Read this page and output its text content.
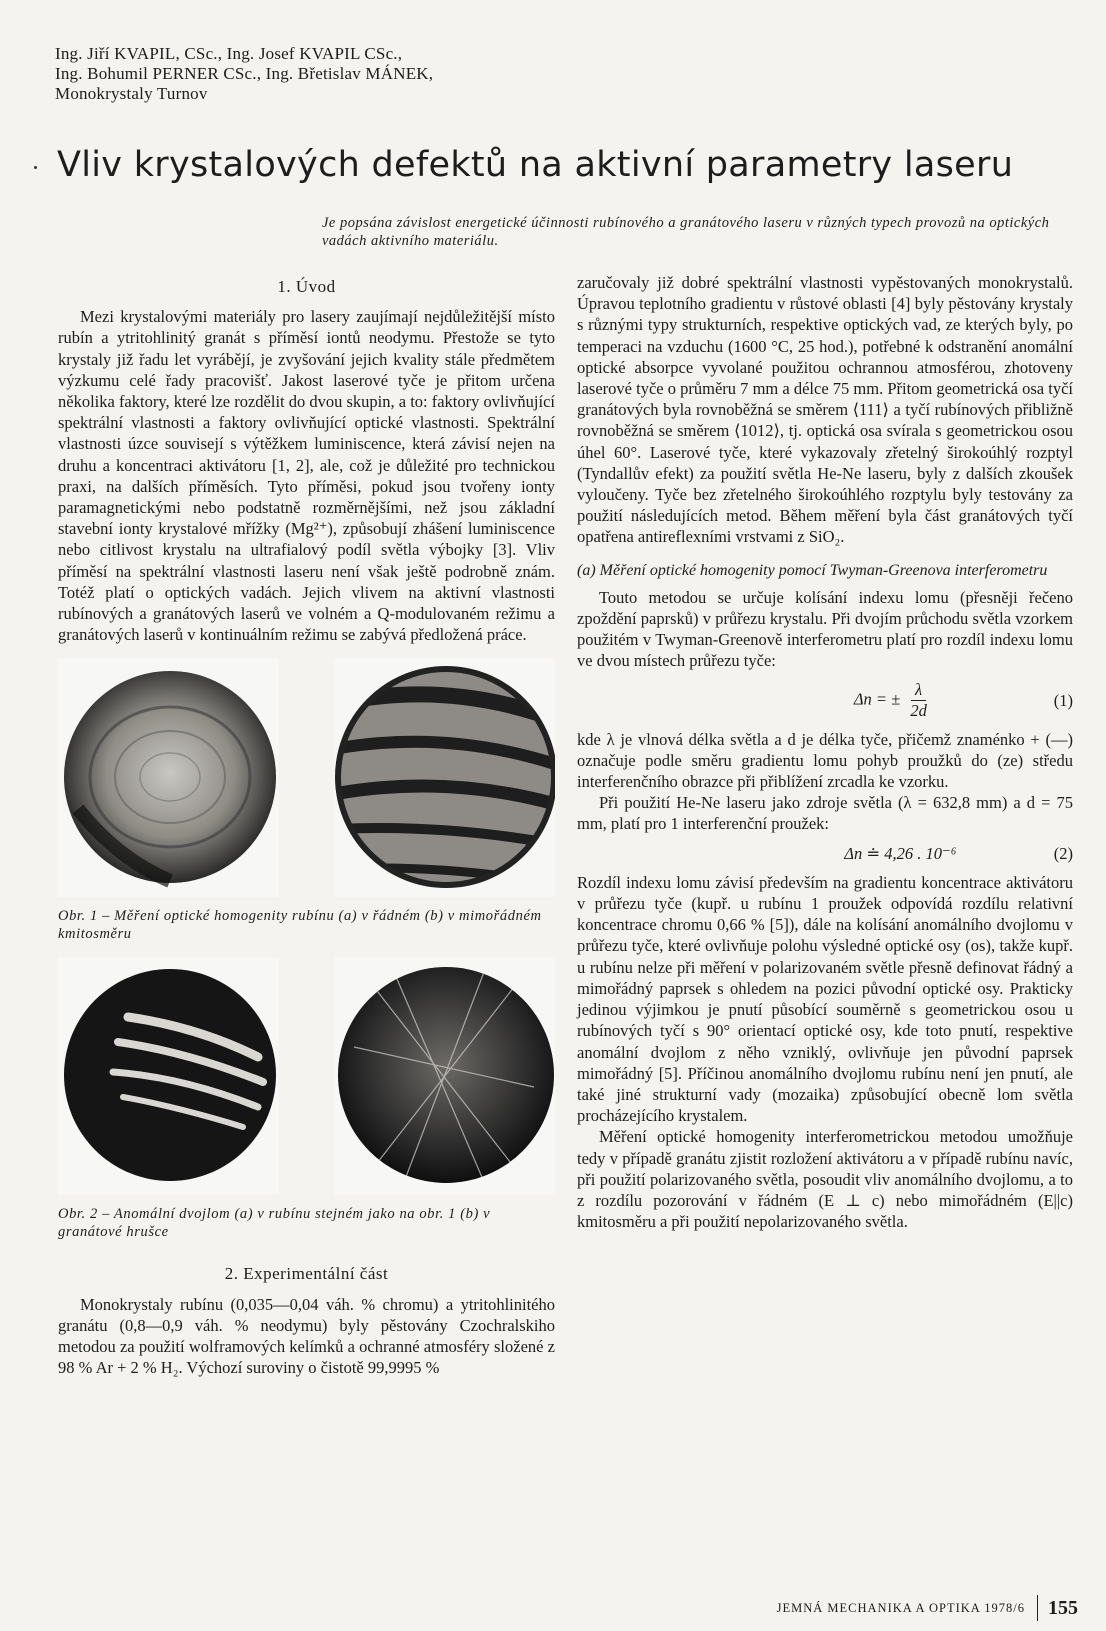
Ing. Jiří KVAPIL, CSc., Ing. Josef KVAPIL CSc.,
Ing. Bohumil PERNER CSc., Ing. Břetislav MÁNEK,
Monokrystaly Turnov
Vliv krystalových defektů na aktivní parametry laseru
Je popsána závislost energetické účinnosti rubínového a granátového laseru v různých typech provozů na optických vadách aktivního materiálu.
1. Úvod

Mezi krystalovými materiály pro lasery zaujímají nejdůležitější místo rubín a ytritohlinitý granát s příměsí iontů neodymu. Přestože se tyto krystaly již řadu let vyrábějí, je zvyšování jejich kvality stále předmětem výzkumu celé řady pracovišť. Jakost laserové tyče je přitom určena několika faktory, které lze rozdělit do dvou skupin, a to: faktory ovlivňující spektrální vlastnosti a faktory ovlivňující optické vlastnosti. Spektrální vlastnosti úzce souvisejí s výtěžkem luminiscence, která závisí nejen na druhu a koncentraci aktivátoru [1, 2], ale, což je důležité pro technickou praxi, na dalších příměsích. Tyto příměsi, pokud jsou tvořeny ionty paramagnetickými nebo podstatně rozměrnějšími, než jsou základní stavební ionty krystalové mřížky (Mg²⁺), způsobují zhášení luminiscence nebo citlivost krystalu na ultrafialový podíl světla výbojky [3]. Vliv příměsí na spektrální vlastnosti laseru není však ještě podrobně znám. Totéž platí o optických vadách. Jejich vlivem na aktivní vlastnosti rubínových a granátových laserů ve volném a Q-modulovaném režimu a granátových laserů v kontinuálním režimu se zabývá předložená práce.

Obr. 1 – Měření optické homogenity rubínu (a) v řádném (b) v mimořádném kmitosměru
Obr. 2 – Anomální dvojlom (a) v rubínu stejném jako na obr. 1 (b) v granátové hrušce
2. Experimentální část

Monokrystaly rubínu (0,035—0,04 váh. % chromu) a ytritohlinitého granátu (0,8—0,9 váh. % neodymu) byly pěstovány Czochralskiho metodou za použití wolframových kelímků a ochranné atmosféry složené z 98 % Ar + 2 % H₂. Výchozí suroviny o čistotě 99,9995 %

zaručovaly již dobré spektrální vlastnosti vypěstovaných monokrystalů. Úpravou teplotního gradientu v růstové oblasti [4] byly pěstovány krystaly s různými typy strukturních, respektive optických vad, ze kterých byly, po temperaci na vzduchu (1600 °C, 25 hod.), potřebné k odstranění anomální optické absorpce vyvolané použitou ochrannou atmosférou, zhotoveny laserové tyče o průměru 7 mm a délce 75 mm. Přitom geometrická osa tyčí granátových byla rovnoběžná se směrem ⟨111⟩ a tyčí rubínových přibližně rovnoběžná se směrem ⟨1012⟩, tj. optická osa svírala s geometrickou osou úhel 60°. Laserové tyče, které vykazovaly zřetelný širokoúhlý rozptyl (Tyndallův efekt) za použití světla He-Ne laseru, byly z dalších zkoušek vyloučeny. Tyče bez zřetelného širokoúhlého rozptylu byly testovány za použití následujících metod. Během měření byla část granátových tyčí opatřena antireflexními vrstvami z SiO₂.

(a) Měření optické homogenity pomocí Twyman-Greenova interferometru

Touto metodou se určuje kolísání indexu lomu (přesněji řečeno zpoždění paprsků) v průřezu krystalu. Při dvojím průchodu světla vzorkem použitém v Twyman-Greenově interferometru platí pro rozdíl indexu lomu ve dvou místech průřezu tyče:

Δn = ± $\frac{\lambda}{2d}$	(1)

kde λ je vlnová délka světla a d je délka tyče, přičemž znaménko + (—) označuje podle směru gradientu lomu pohyb proužků do (ze) středu interferenčního obrazce při přiblížení zrcadla ke vzorku.

Při použití He-Ne laseru jako zdroje světla (λ = 632,8 mm) a d = 75 mm, platí pro 1 interferenční proužek:

Δn ≐ 4,26 . 10⁻⁶	(2)

Rozdíl indexu lomu závisí především na gradientu koncentrace aktivátoru v průřezu tyče (kupř. u rubínu 1 proužek odpovídá rozdílu relativní koncentrace chromu 0,66 % [5]), dále na kolísání anomálního dvojlomu v průřezu tyče, které ovlivňuje polohu výsledné optické osy (os), takže kupř. u rubínu nelze při měření v polarizovaném světle přesně definovat řádný a mimořádný paprsek s ohledem na pozici původní optické osy. Prakticky jedinou výjimkou je pnutí působící souměrně s geometrickou osou u rubínových tyčí s 90° orientací optické osy, kde toto pnutí, respektive anomální dvojlom z něho vzniklý, ovlivňuje jen původní paprsek mimořádný [5]. Příčinou anomálního dvojlomu rubínu není jen pnutí, ale také jiné strukturní vady (mozaika) způsobující obecně lom světla procházejícího krystalem.

Měření optické homogenity interferometrickou metodou umožňuje tedy v případě granátu zjistit rozložení aktivátoru a v případě rubínu navíc, při použití polarizovaného světla, posoudit vliv anomálního dvojlomu, a to z rozdílu pozorování v řádném (E ⊥ c) nebo mimořádném (E||c) kmitosměru a při použití nepolarizovaného světla.

JEMNÁ MECHANIKA A OPTIKA 1978/6 155
